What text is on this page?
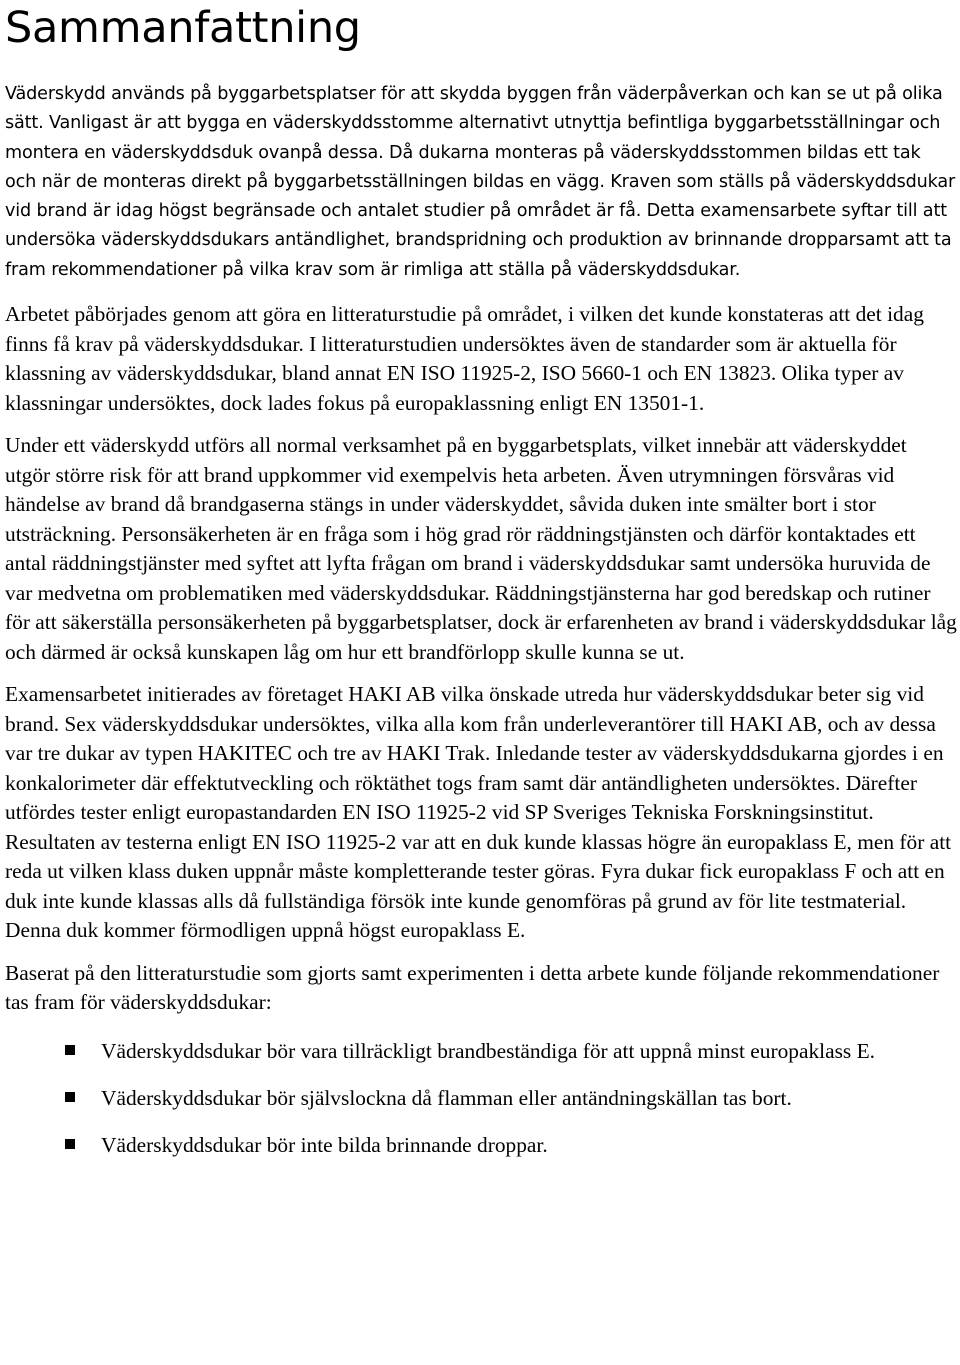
Sammanfattning

Väderskydd används på byggarbetsplatser för att skydda byggen från väderpåverkan och kan se ut på olika sätt. Vanligast är att bygga en väderskyddsstomme alternativt utnyttja befintliga byggarbetsställningar och montera en väderskyddsduk ovanpå dessa. Då dukarna monteras på väderskyddsstommen bildas ett tak och när de monteras direkt på byggarbetsställningen bildas en vägg. Kraven som ställs på väderskyddsdukar vid brand är idag högst begränsade och antalet studier på området är få. Detta examensarbete syftar till att undersöka väderskyddsdukars antändlighet, brandspridning och produktion av brinnande dropparsamt att ta fram rekommendationer på vilka krav som är rimliga att ställa på väderskyddsdukar.

Arbetet påbörjades genom att göra en litteraturstudie på området, i vilken det kunde konstateras att det idag finns få krav på väderskyddsdukar. I litteraturstudien undersöktes även de standarder som är aktuella för klassning av väderskyddsdukar, bland annat EN ISO 11925-2, ISO 5660-1 och EN 13823. Olika typer av klassningar undersöktes, dock lades fokus på europaklassning enligt EN 13501-1.

Under ett väderskydd utförs all normal verksamhet på en byggarbetsplats, vilket innebär att väderskyddet utgör större risk för att brand uppkommer vid exempelvis heta arbeten. Även utrymningen försvåras vid händelse av brand då brandgaserna stängs in under väderskyddet, såvida duken inte smälter bort i stor utsträckning. Personsäkerheten är en fråga som i hög grad rör räddningstjänsten och därför kontaktades ett antal räddningstjänster med syftet att lyfta frågan om brand i väderskyddsdukar samt undersöka huruvida de var medvetna om problematiken med väderskyddsdukar. Räddningstjänsterna har god beredskap och rutiner för att säkerställa personsäkerheten på byggarbetsplatser, dock är erfarenheten av brand i väderskyddsdukar låg och därmed är också kunskapen låg om hur ett brandförlopp skulle kunna se ut.

Examensarbetet initierades av företaget HAKI AB vilka önskade utreda hur väderskyddsdukar beter sig vid brand. Sex väderskyddsdukar undersöktes, vilka alla kom från underleverantörer till HAKI AB, och av dessa var tre dukar av typen HAKITEC och tre av HAKI Trak. Inledande tester av väderskyddsdukarna gjordes i en konkalorimeter där effektutveckling och röktäthet togs fram samt där antändligheten undersöktes. Därefter utfördes tester enligt europastandarden EN ISO 11925-2 vid SP Sveriges Tekniska Forskningsinstitut. Resultaten av testerna enligt EN ISO 11925-2 var att en duk kunde klassas högre än europaklass E, men för att reda ut vilken klass duken uppnår måste kompletterande tester göras. Fyra dukar fick europaklass F och att en duk inte kunde klassas alls då fullständiga försök inte kunde genomföras på grund av för lite testmaterial. Denna duk kommer förmodligen uppnå högst europaklass E.

Baserat på den litteraturstudie som gjorts samt experimenten i detta arbete kunde följande rekommendationer tas fram för väderskyddsdukar:

Väderskyddsdukar bör vara tillräckligt brandbeständiga för att uppnå minst europaklass E.
Väderskyddsdukar bör självslockna då flamman eller antändningskällan tas bort.
Väderskyddsdukar bör inte bilda brinnande droppar.
